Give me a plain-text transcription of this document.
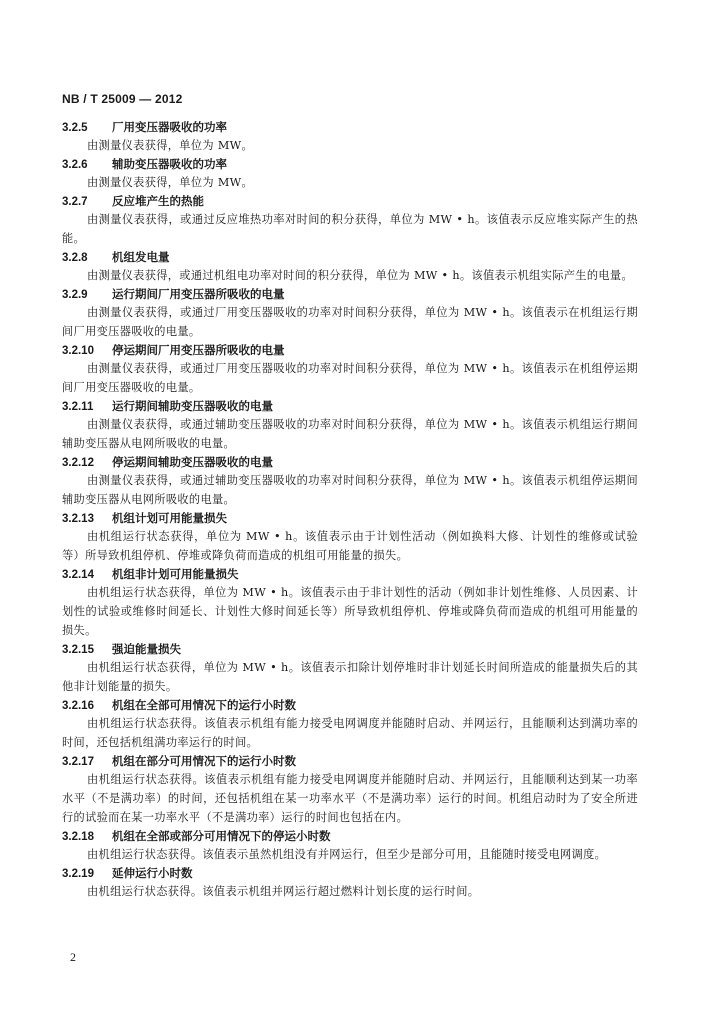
NB / T 25009 — 2012
3.2.5 厂用变压器吸收的功率

由测量仪表获得，单位为 MW。

3.2.6 辅助变压器吸收的功率

由测量仪表获得，单位为 MW。

3.2.7 反应堆产生的热能

由测量仪表获得，或通过反应堆热功率对时间的积分获得，单位为 MW • h。该值表示反应堆实际产生的热能。

3.2.8 机组发电量

由测量仪表获得，或通过机组电功率对时间的积分获得，单位为 MW • h。该值表示机组实际产生的电量。

3.2.9 运行期间厂用变压器所吸收的电量

由测量仪表获得，或通过厂用变压器吸收的功率对时间积分获得，单位为 MW • h。该值表示在机组运行期间厂用变压器吸收的电量。

3.2.10 停运期间厂用变压器所吸收的电量

由测量仪表获得，或通过厂用变压器吸收的功率对时间积分获得，单位为 MW • h。该值表示在机组停运期间厂用变压器吸收的电量。

3.2.11 运行期间辅助变压器吸收的电量

由测量仪表获得，或通过辅助变压器吸收的功率对时间积分获得，单位为 MW • h。该值表示机组运行期间辅助变压器从电网所吸收的电量。

3.2.12 停运期间辅助变压器吸收的电量

由测量仪表获得，或通过辅助变压器吸收的功率对时间积分获得，单位为 MW • h。该值表示机组停运期间辅助变压器从电网所吸收的电量。

3.2.13 机组计划可用能量损失

由机组运行状态获得，单位为 MW • h。该值表示由于计划性活动（例如换料大修、计划性的维修或试验等）所导致机组停机、停堆或降负荷而造成的机组可用能量的损失。

3.2.14 机组非计划可用能量损失

由机组运行状态获得，单位为 MW • h。该值表示由于非计划性的活动（例如非计划性维修、人员因素、计划性的试验或维修时间延长、计划性大修时间延长等）所导致机组停机、停堆或降负荷而造成的机组可用能量的损失。

3.2.15 强迫能量损失

由机组运行状态获得，单位为 MW • h。该值表示扣除计划停堆时非计划延长时间所造成的能量损失后的其他非计划能量的损失。

3.2.16 机组在全部可用情况下的运行小时数

由机组运行状态获得。该值表示机组有能力接受电网调度并能随时启动、并网运行，且能顺利达到满功率的时间，还包括机组满功率运行的时间。

3.2.17 机组在部分可用情况下的运行小时数

由机组运行状态获得。该值表示机组有能力接受电网调度并能随时启动、并网运行，且能顺利达到某一功率水平（不是满功率）的时间，还包括机组在某一功率水平（不是满功率）运行的时间。机组启动时为了安全所进行的试验而在某一功率水平（不是满功率）运行的时间也包括在内。

3.2.18 机组在全部或部分可用情况下的停运小时数

由机组运行状态获得。该值表示虽然机组没有并网运行，但至少是部分可用，且能随时接受电网调度。

3.2.19 延伸运行小时数

由机组运行状态获得。该值表示机组并网运行超过燃料计划长度的运行时间。

2
